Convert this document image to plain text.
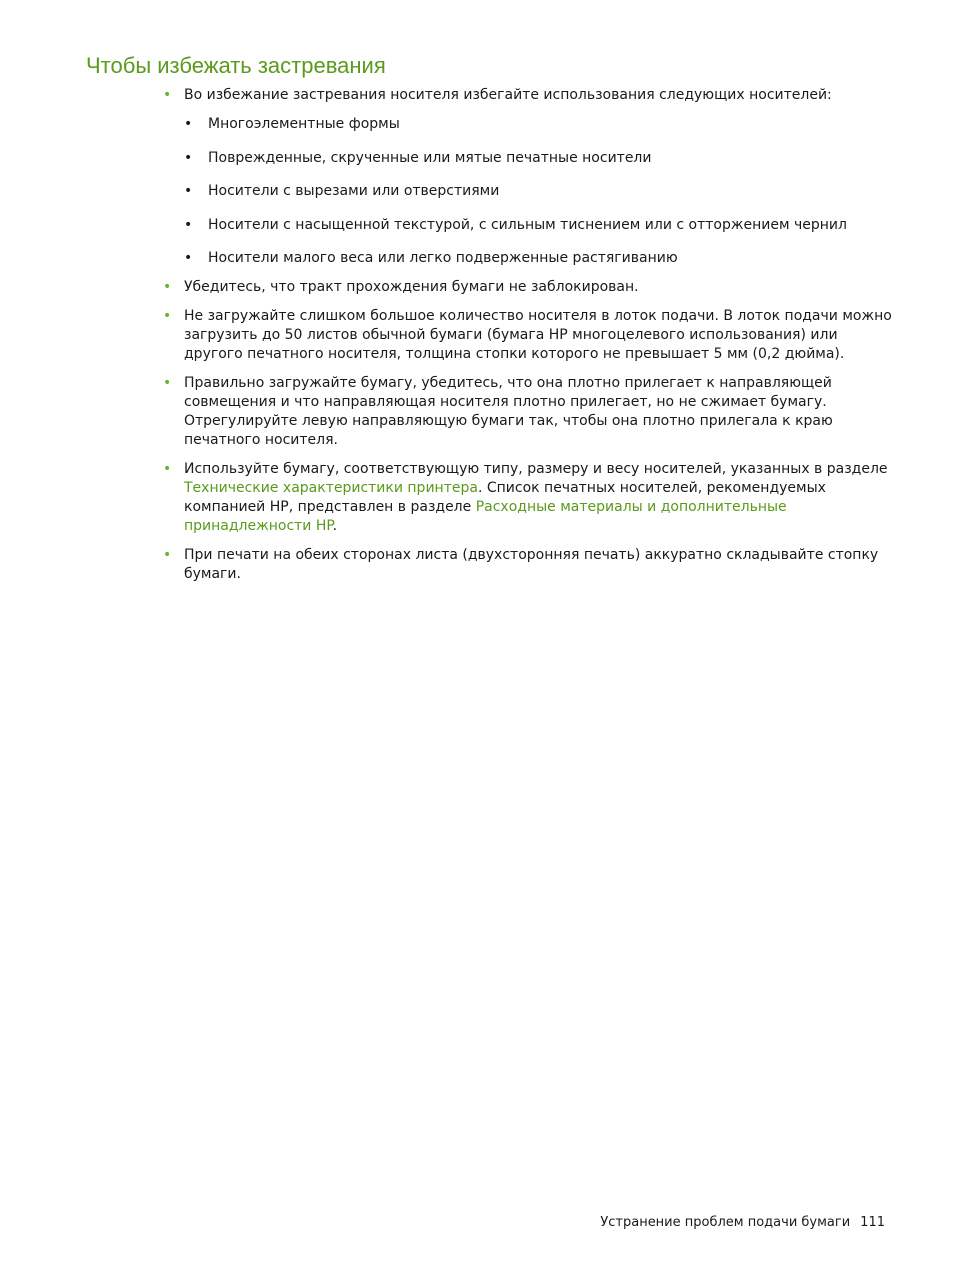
Чтобы избежать застревания
• Во избежание застревания носителя избегайте использования следующих носителей:
• Многоэлементные формы
• Поврежденные, скрученные или мятые печатные носители
• Носители с вырезами или отверстиями
• Носители с насыщенной текстурой, с сильным тиснением или с отторжением чернил
• Носители малого веса или легко подверженные растягиванию
• Убедитесь, что тракт прохождения бумаги не заблокирован.
• Не загружайте слишком большое количество носителя в лоток подачи. В лоток подачи можно загрузить до 50 листов обычной бумаги (бумага HP многоцелевого использования) или другого печатного носителя, толщина стопки которого не превышает 5 мм (0,2 дюйма).
• Правильно загружайте бумагу, убедитесь, что она плотно прилегает к направляющей совмещения и что направляющая носителя плотно прилегает, но не сжимает бумагу. Отрегулируйте левую направляющую бумаги так, чтобы она плотно прилегала к краю печатного носителя.
• Используйте бумагу, соответствующую типу, размеру и весу носителей, указанных в разделе Технические характеристики принтера. Список печатных носителей, рекомендуемых компанией HP, представлен в разделе Расходные материалы и дополнительные принадлежности HP.
• При печати на обеих сторонах листа (двухсторонняя печать) аккуратно складывайте стопку бумаги.
Устранение проблем подачи бумаги 111
